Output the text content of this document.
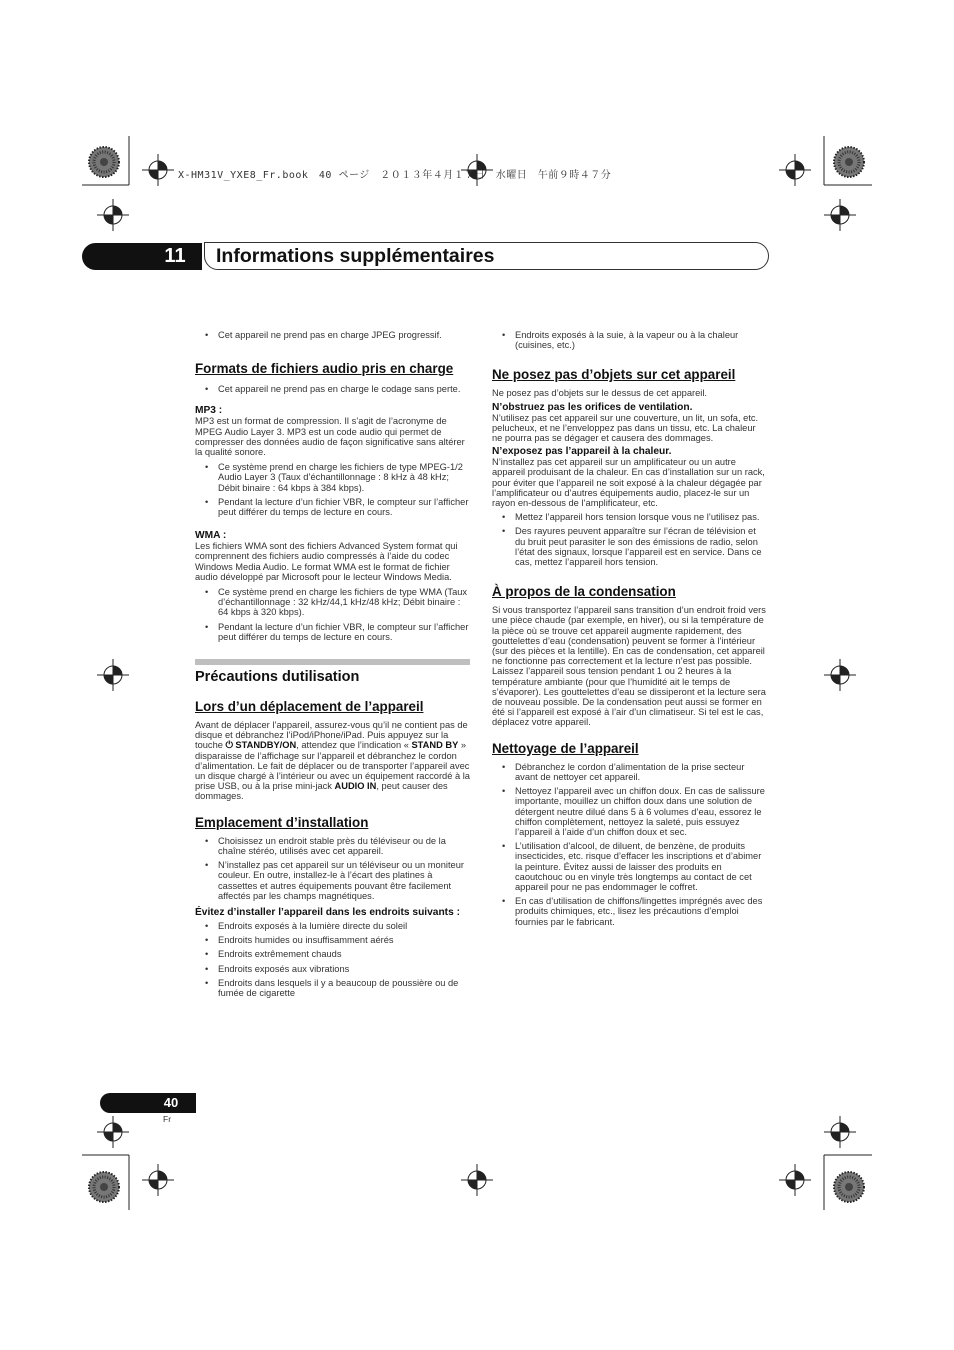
X-HM31V_YXE8_Fr.book　40 ページ　２０１３年４月１７日　水曜日　午前９時４７分
11 Informations supplémentaires
• Cet appareil ne prend pas en charge JPEG progressif.
Formats de fichiers audio pris en charge
• Cet appareil ne prend pas en charge le codage sans perte.
MP3 :
MP3 est un format de compression. Il s’agit de l’acronyme de MPEG Audio Layer 3. MP3 est un code audio qui permet de compresser des données audio de façon significative sans altérer la qualité sonore.
• Ce système prend en charge les fichiers de type MPEG-1/2 Audio Layer 3 (Taux d’échantillonnage : 8 kHz à 48 kHz; Débit binaire : 64 kbps à 384 kbps).
• Pendant la lecture d’un fichier VBR, le compteur sur l’afficher peut différer du temps de lecture en cours.
WMA :
Les fichiers WMA sont des fichiers Advanced System format qui comprennent des fichiers audio compressés à l’aide du codec Windows Media Audio. Le format WMA est le format de fichier audio développé par Microsoft pour le lecteur Windows Media.
• Ce système prend en charge les fichiers de type WMA (Taux d’échantillonnage : 32 kHz/44,1 kHz/48 kHz; Débit binaire : 64 kbps à 320 kbps).
• Pendant la lecture d’un fichier VBR, le compteur sur l’afficher peut différer du temps de lecture en cours.
Précautions dutilisation
Lors d’un déplacement de l’appareil
Avant de déplacer l’appareil, assurez-vous qu’il ne contient pas de disque et débranchez l’iPod/iPhone/iPad. Puis appuyez sur la touche ⏻ STANDBY/ON, attendez que l’indication « STAND BY » disparaisse de l’affichage sur l’appareil et débranchez le cordon d’alimentation. Le fait de déplacer ou de transporter l’appareil avec un disque chargé à l’intérieur ou avec un équipement raccordé à la prise USB, ou à la prise mini-jack AUDIO IN, peut causer des dommages.
Emplacement d’installation
• Choisissez un endroit stable près du téléviseur ou de la chaîne stéréo, utilisés avec cet appareil.
• N’installez pas cet appareil sur un téléviseur ou un moniteur couleur. En outre, installez-le à l’écart des platines à cassettes et autres équipements pouvant être facilement affectés par les champs magnétiques.
Évitez d’installer l’appareil dans les endroits suivants :
• Endroits exposés à la lumière directe du soleil
• Endroits humides ou insuffisamment aérés
• Endroits extrêmement chauds
• Endroits exposés aux vibrations
• Endroits dans lesquels il y a beaucoup de poussière ou de fumée de cigarette
• Endroits exposés à la suie, à la vapeur ou à la chaleur (cuisines, etc.)
Ne posez pas d’objets sur cet appareil
Ne posez pas d’objets sur le dessus de cet appareil.
N’obstruez pas les orifices de ventilation.
N’utilisez pas cet appareil sur une couverture, un lit, un sofa, etc. pelucheux, et ne l’enveloppez pas dans un tissu, etc. La chaleur ne pourra pas se dégager et causera des dommages.
N’exposez pas l’appareil à la chaleur.
N’installez pas cet appareil sur un amplificateur ou un autre appareil produisant de la chaleur. En cas d’installation sur un rack, pour éviter que l’appareil ne soit exposé à la chaleur dégagée par l’amplificateur ou d’autres équipements audio, placez-le sur un rayon en-dessous de l’amplificateur, etc.
• Mettez l’appareil hors tension lorsque vous ne l’utilisez pas.
• Des rayures peuvent apparaître sur l’écran de télévision et du bruit peut parasiter le son des émissions de radio, selon l’état des signaux, lorsque l’appareil est en service. Dans ce cas, mettez l’appareil hors tension.
À propos de la condensation
Si vous transportez l’appareil sans transition d’un endroit froid vers une pièce chaude (par exemple, en hiver), ou si la température de la pièce où se trouve cet appareil augmente rapidement, des gouttelettes d’eau (condensation) peuvent se former à l’intérieur (sur des pièces et la lentille). En cas de condensation, cet appareil ne fonctionne pas correctement et la lecture n’est pas possible. Laissez l’appareil sous tension pendant 1 ou 2 heures à la température ambiante (pour que l’humidité ait le temps de s’évaporer). Les gouttelettes d’eau se dissiperont et la lecture sera de nouveau possible. De la condensation peut aussi se former en été si l’appareil est exposé à l’air d’un climatiseur. Si tel est le cas, déplacez votre appareil.
Nettoyage de l’appareil
• Débranchez le cordon d’alimentation de la prise secteur avant de nettoyer cet appareil.
• Nettoyez l’appareil avec un chiffon doux. En cas de salissure importante, mouillez un chiffon doux dans une solution de détergent neutre dilué dans 5 à 6 volumes d’eau, essorez le chiffon complètement, nettoyez la saleté, puis essuyez l’appareil à l’aide d’un chiffon doux et sec.
• L’utilisation d’alcool, de diluent, de benzène, de produits insecticides, etc. risque d’effacer les inscriptions et d’abimer la peinture. Évitez aussi de laisser des produits en caoutchouc ou en vinyle très longtemps au contact de cet appareil pour ne pas endommager le coffret.
• En cas d’utilisation de chiffons/lingettes imprégnés avec des produits chimiques, etc., lisez les précautions d’emploi fournies par le fabricant.
40
Fr
